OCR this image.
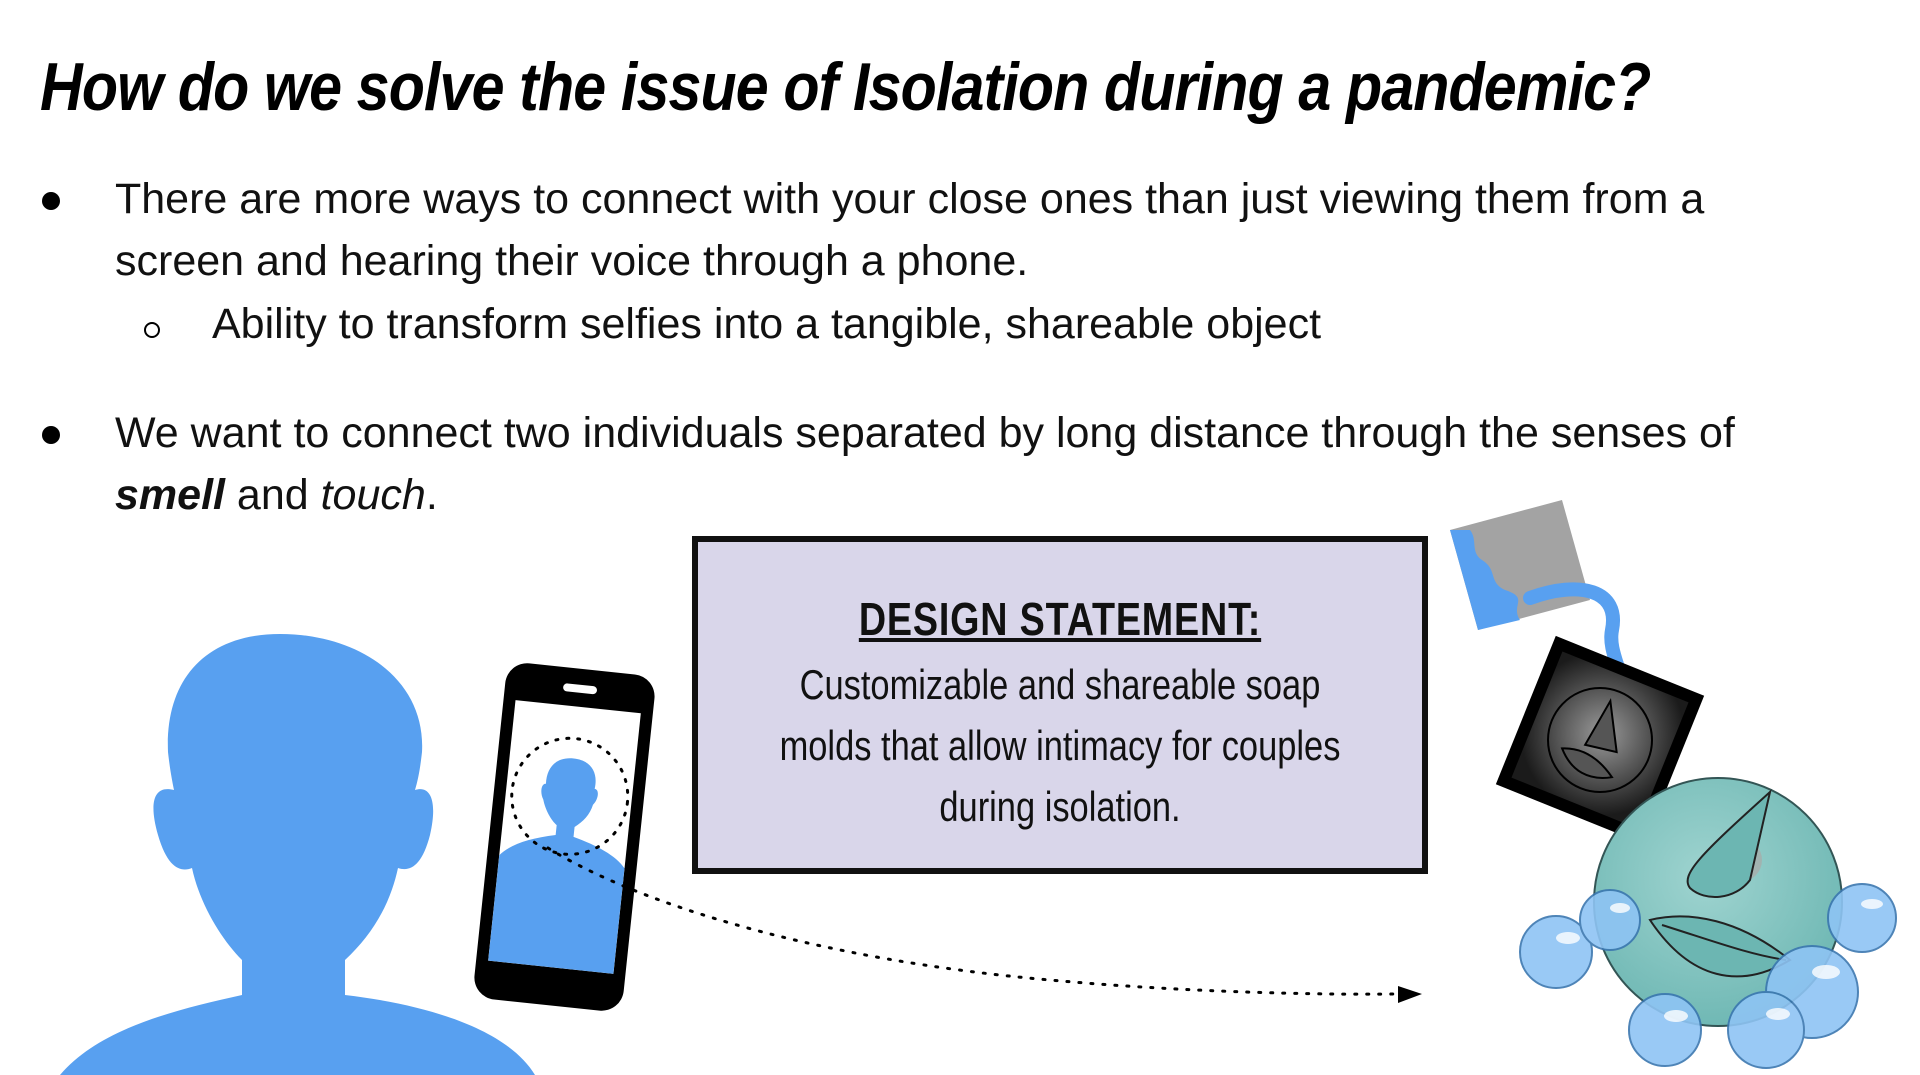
How do we solve the issue of Isolation during a pandemic?
There are more ways to connect with your close ones than just viewing them from a
screen and hearing their voice through a phone.
Ability to transform selfies into a tangible, shareable object
We want to connect two individuals separated by long distance through the senses of
smell and touch.
DESIGN STATEMENT:
Customizable and shareable soap
molds that allow intimacy for couples
during isolation.
